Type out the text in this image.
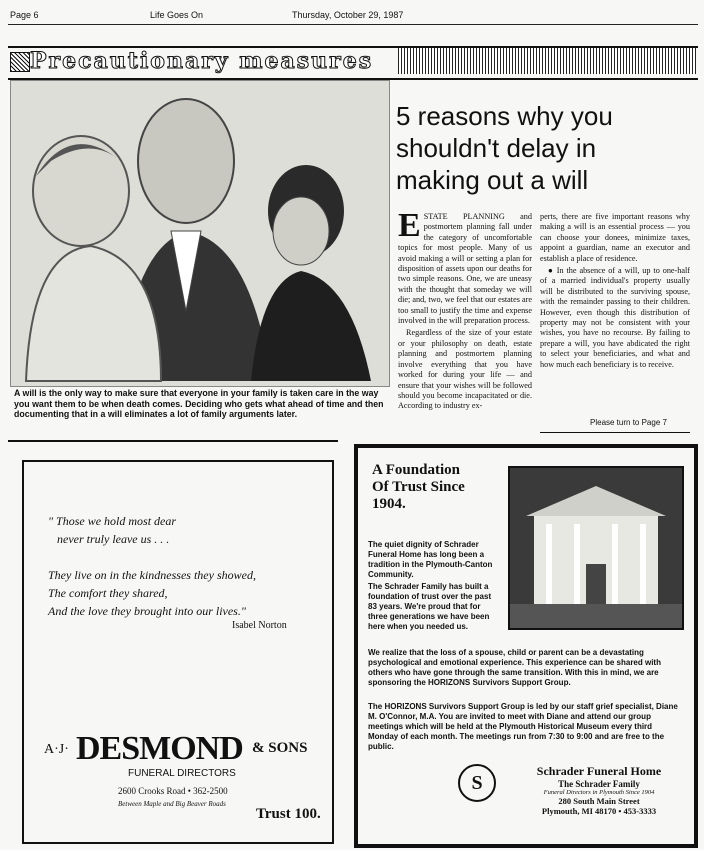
Page 6	Life Goes On	Thursday, October 29, 1987
Precautionary measures
A will is the only way to make sure that everyone in your family is taken care in the way you want them to be when death comes. Deciding who gets what ahead of time and then documenting that in a will eliminates a lot of family arguments later.
5 reasons why you
shouldn't delay in
making out a will
E STATE PLANNING and postmortem planning fall under the category of uncomfortable topics for most people. Many of us avoid making a will or setting a plan for disposition of assets upon our deaths for two simple reasons. One, we are uneasy with the thought that someday we will die; and, two, we feel that our estates are too small to justify the time and expense involved in the will preparation process.

Regardless of the size of your estate or your philosophy on death, estate planning and postmortem planning involve everything that you have worked for during your life — and ensure that your wishes will be followed should you become incapacitated or die. According to industry ex-

perts, there are five important reasons why making a will is an essential process — you can choose your donees, minimize taxes, appoint a guardian, name an executor and establish a place of residence.

● In the absence of a will, up to one-half of a married individual's property usually will be distributed to the surviving spouse, with the remainder passing to their children. However, even though this distribution of property may not be consistent with your wishes, you have no recourse. By failing to prepare a will, you have abdicated the right to select your beneficiaries, and what and how much each beneficiary is to receive.

Please turn to Page 7
" Those we hold most dear
never truly leave us . . .

They live on in the kindnesses they showed,
The comfort they shared,
And the love they brought into our lives."
Isabel Norton
A·J· DESMOND & SONS
FUNERAL DIRECTORS
2600 Crooks Road • 362-2500
Between Maple and Big Beaver Roads
Trust 100.
A Foundation
Of Trust Since
1904.
The quiet dignity of Schrader Funeral Home has long been a tradition in the Plymouth-Canton Community.
The Schrader Family has built a foundation of trust over the past 83 years. We're proud that for three generations we have been here when you needed us.
We realize that the loss of a spouse, child or parent can be a devastating psychological and emotional experience. This experience can be shared with others who have gone through the same transition. With this in mind, we are sponsoring the HORIZONS Survivors Support Group.
The HORIZONS Survivors Support Group is led by our staff grief specialist, Diane M. O'Connor, M.A. You are invited to meet with Diane and attend our group meetings which will be held at the Plymouth Historical Museum every third Monday of each month. The meetings run from 7:30 to 9:00 and are free to the public.
S
Schrader Funeral Home
The Schrader Family
Funeral Directors in Plymouth Since 1904
280 South Main Street
Plymouth, MI 48170 • 453-3333
